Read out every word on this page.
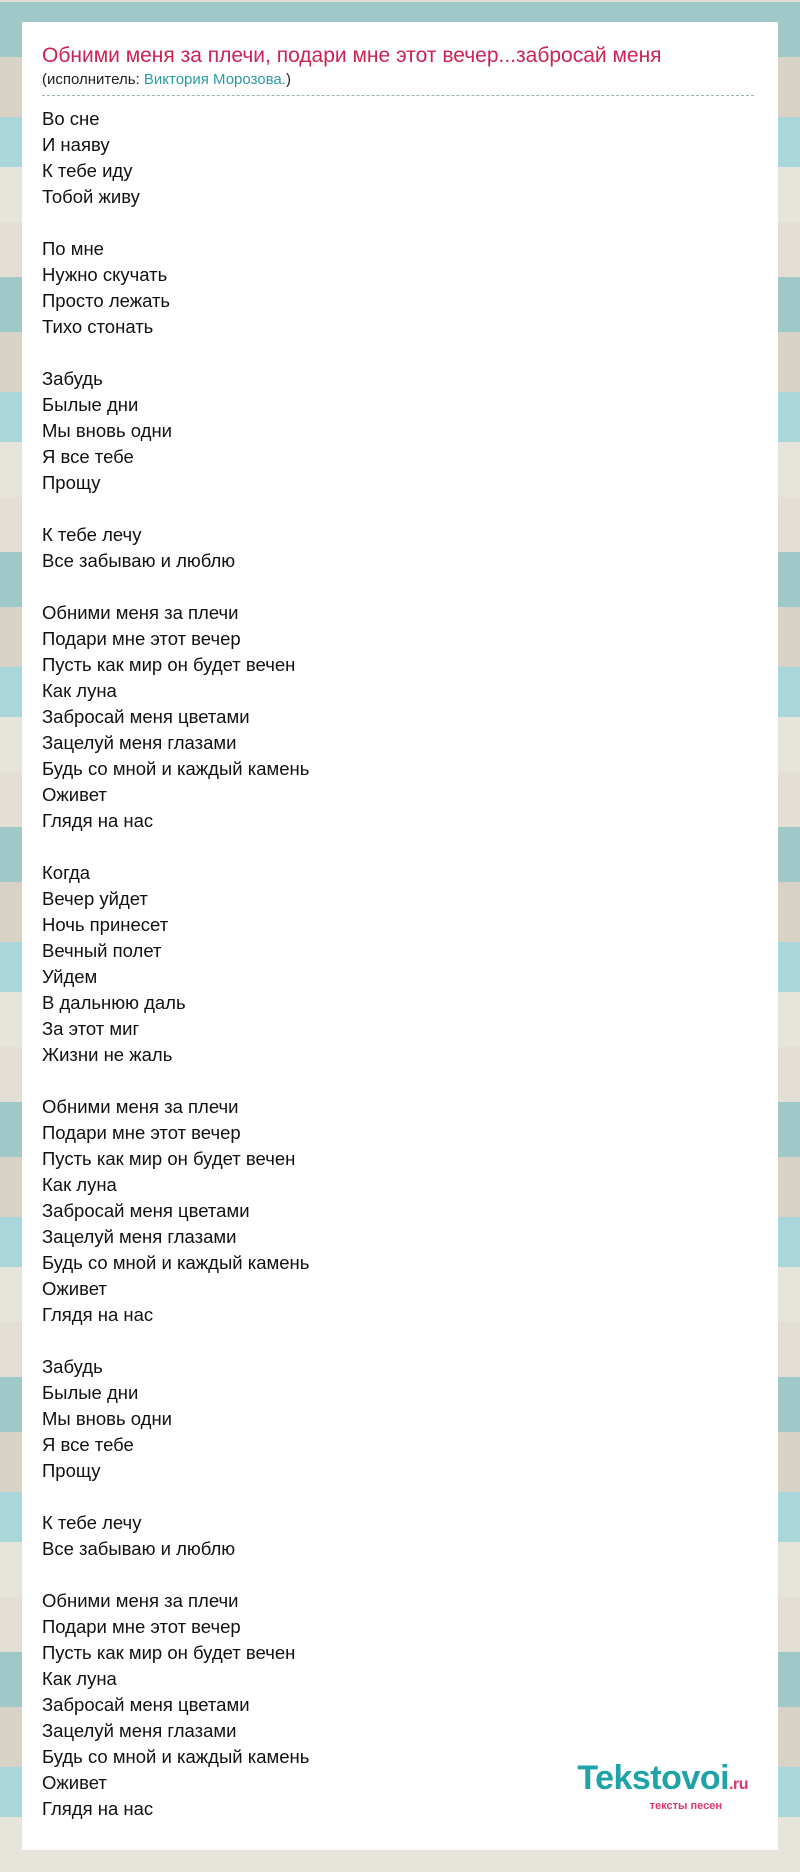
Обними меня за плечи, подари мне этот вечер...забросай меня
(исполнитель: Виктория Морозова.)
Во сне
И наяву
К тебе иду
Тобой живу
По мне
Нужно скучать
Просто лежать
Тихо стонать
Забудь
Былые дни
Мы вновь одни
Я все тебе
Прощу
К тебе лечу
Все забываю и люблю
Обними меня за плечи
Подари мне этот вечер
Пусть как мир он будет вечен
Как луна
Забросай меня цветами
Зацелуй меня глазами
Будь со мной и каждый камень
Оживет
Глядя на нас
Когда
Вечер уйдет
Ночь принесет
Вечный полет
Уйдем
В дальнюю даль
За этот миг
Жизни не жаль
Обними меня за плечи
Подари мне этот вечер
Пусть как мир он будет вечен
Как луна
Забросай меня цветами
Зацелуй меня глазами
Будь со мной и каждый камень
Оживет
Глядя на нас
Забудь
Былые дни
Мы вновь одни
Я все тебе
Прощу
К тебе лечу
Все забываю и люблю
Обними меня за плечи
Подари мне этот вечер
Пусть как мир он будет вечен
Как луна
Забросай меня цветами
Зацелуй меня глазами
Будь со мной и каждый камень
Оживет
Глядя на нас
Tekstovoi.ru
тексты песен
